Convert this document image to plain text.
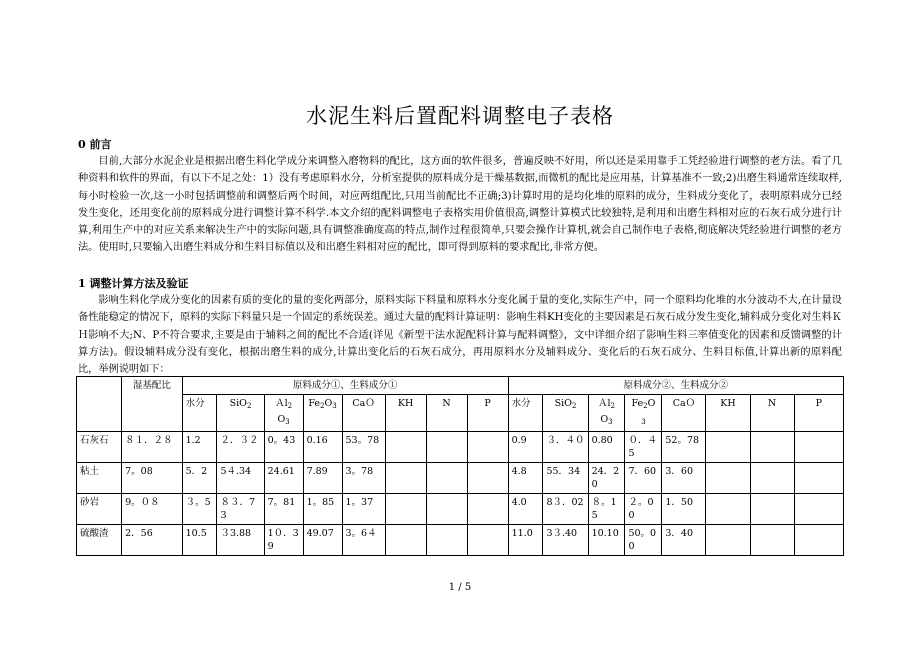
水泥生料后置配料调整电子表格
0 前言

目前,大部分水泥企业是根据出磨生料化学成分来调整入磨物料的配比，这方面的软件很多，普遍反映不好用，所以还是采用靠手工凭经验进行调整的老方法。看了几种资料和软件的界面，有以下不足之处：1）没有考虑原料水分，分析室提供的原料成分是干燥基数据,而微机的配比是应用基，计算基准不一致;2)出磨生料通常连续取样,每小时检验一次,这一小时包括调整前和调整后两个时间，对应两组配比,只用当前配比不正确;3)计算时用的是均化堆的原料的成分，生料成分变化了，表明原料成分已经发生变化，还用变化前的原料成分进行调整计算不科学.本文介绍的配料调整电子表格实用价值很高,调整计算模式比较独特,是利用和出磨生料相对应的石灰石成分进行计算,利用生产中的对应关系来解决生产中的实际问题,具有调整准确度高的特点,制作过程很简单,只要会操作计算机,就会自己制作电子表格,彻底解决凭经验进行调整的老方法。使用时,只要输入出磨生料成分和生料目标值以及和出磨生料相对应的配比，即可得到原料的要求配比,非常方便。

1 调整计算方法及验证

影响生料化学成分变化的因素有质的变化的量的变化两部分，原料实际下料量和原料水分变化属于量的变化,实际生产中，同一个原料均化堆的水分波动不大,在计量设备性能稳定的情况下，原料的实际下料量只是一个固定的系统误差。通过大量的配料计算证明：影响生料KH变化的主要因素是石灰石成分发生变化,辅料成分变化对生料ＫＨ影响不大;N、P不符合要求,主要是由于辅料之间的配比不合适(详见《新型干法水泥配料计算与配料调整》，文中详细介绍了影响生料三率值变化的因素和反馈调整的计算方法)。假设辅料成分没有变化，根据出磨生料的成分,计算出变化后的石灰石成分，再用原料水分及辅料成分、变化后的石灰石成分、生料目标值,计算出新的原料配比，举例说明如下：

	湿基配比	原料成分①、生料成分①								原料成分②、生料成分②							
		水分	SiO$_2$	Ａl$_2$
$O_3$	$Fe_2O_3$	CaＯ	KH	N	P	水分	SiO$_2$	Ａl$_2$
$O_3$	$Fe_2O$
$_3$	CaＯ	KH	N	P
石灰石	８１．２８	1.2	２．３２	0。43	0.16	53。78				0.9	３．４０	0.80	０．４5	52。78			
粘土	7。08	5．2	5４.34	24.61	7.89	3。78				4.8	55．34	24．20	7．60	3．60			
砂岩	9。０８	３。5	８３．73	7。81	1。85	1。37				4.0	8３．02	８。15	２。00	1．50			
硫酸渣	2．56	10.5	３3.88	1０．39	49.07	3。6４				11.0	3３.40	10.10	50。00	3．40			
1 / 5
